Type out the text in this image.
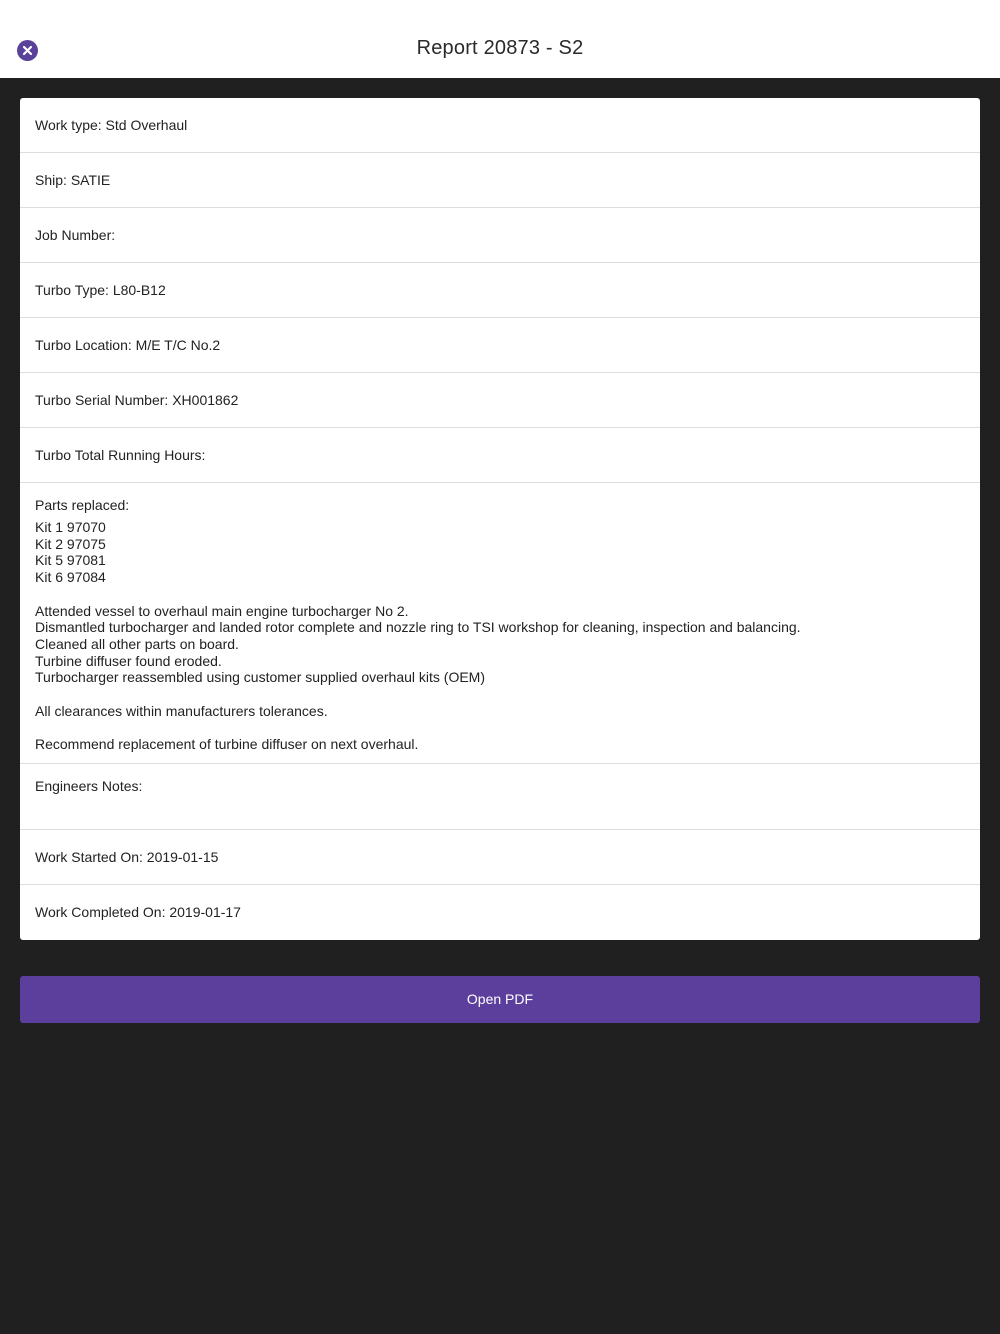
Report 20873 - S2
Work type: Std Overhaul
Ship: SATIE
Job Number:
Turbo Type: L80-B12
Turbo Location: M/E T/C No.2
Turbo Serial Number: XH001862
Turbo Total Running Hours:
Parts replaced:
Kit 1 97070
Kit 2 97075
Kit 5 97081
Kit 6 97084

Attended vessel to overhaul main engine turbocharger No 2.
Dismantled turbocharger and landed rotor complete and nozzle ring to TSI workshop for cleaning, inspection and balancing.
Cleaned all other parts on board.
Turbine diffuser found eroded.
Turbocharger reassembled using customer supplied overhaul kits (OEM)

All clearances within manufacturers tolerances.

Recommend replacement of turbine diffuser on next overhaul.
Engineers Notes:
Work Started On: 2019-01-15
Work Completed On: 2019-01-17
Open PDF
